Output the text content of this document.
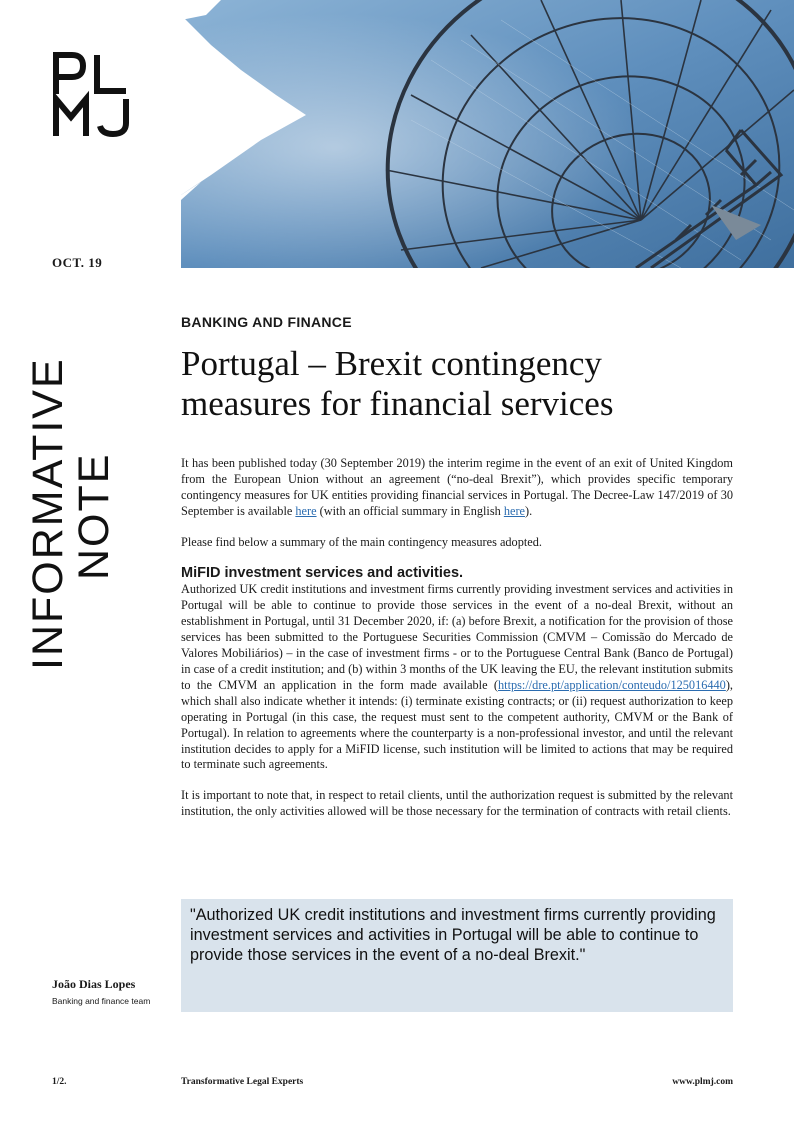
OCT. 19
INFORMATIVE
NOTE
BANKING AND FINANCE
Portugal – Brexit contingency
measures for financial services

It has been published today (30 September 2019) the interim regime in the event of an exit of United Kingdom from the European Union without an agreement (“no-deal Brexit”), which provides specific temporary contingency measures for UK entities providing financial services in Portugal. The Decree-Law 147/2019 of 30 September is available here (with an official summary in English here).

Please find below a summary of the main contingency measures adopted.

MiFID investment services and activities.

Authorized UK credit institutions and investment firms currently providing investment services and activities in Portugal will be able to continue to provide those services in the event of a no-deal Brexit, without an establishment in Portugal, until 31 December 2020, if: (a) before Brexit, a notification for the provision of those services has been submitted to the Portuguese Securities Commission (CMVM – Comissão do Mercado de Valores Mobiliários) – in the case of investment firms - or to the Portuguese Central Bank (Banco de Portugal) in case of a credit institution; and (b) within 3 months of the UK leaving the EU, the relevant institution submits to the CMVM an application in the form made available (https://dre.pt/application/conteudo/125016440), which shall also indicate whether it intends: (i) terminate existing contracts; or (ii) request authorization to keep operating in Portugal (in this case, the request must sent to the competent authority, CMVM or the Bank of Portugal). In relation to agreements where the counterparty is a non-professional investor, and until the relevant institution decides to apply for a MiFID license, such institution will be limited to actions that may be required to terminate such agreements.

It is important to note that, in respect to retail clients, until the authorization request is submitted by the relevant institution, the only activities allowed will be those necessary for the termination of contracts with retail clients.

"Authorized UK credit institutions and investment firms currently providing investment services and activities in Portugal will be able to continue to provide those services in the event of a no-deal Brexit."
João Dias Lopes
Banking and finance team
1/2.	Transformative Legal Experts	www.plmj.com
